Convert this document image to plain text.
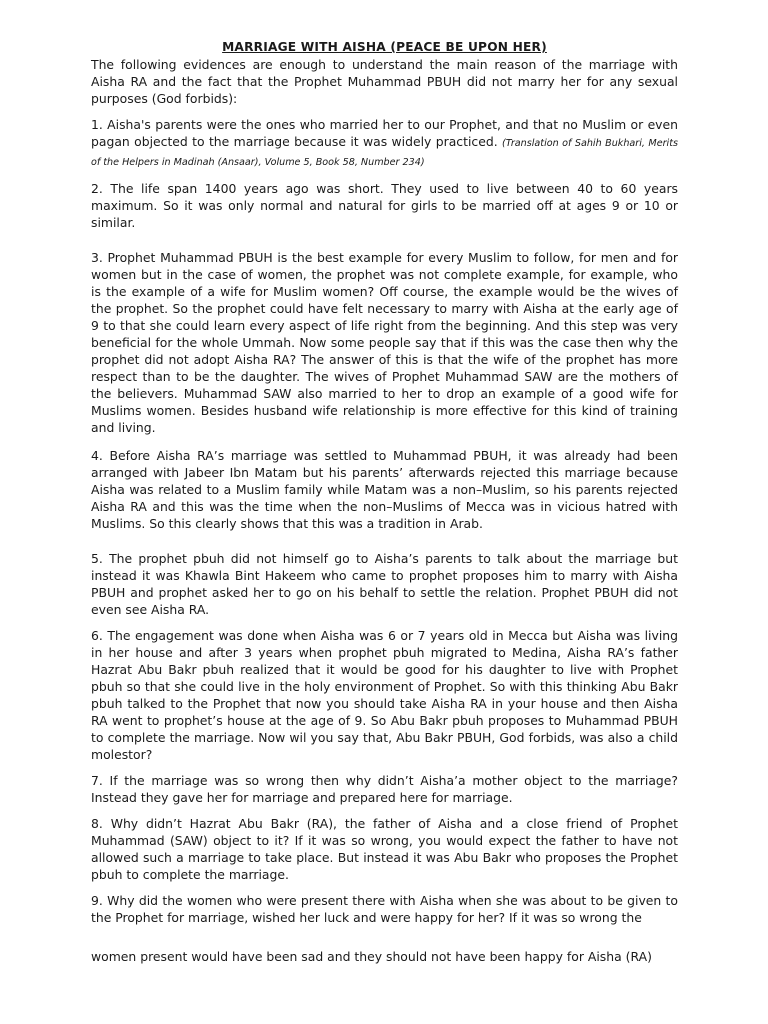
MARRIAGE WITH AISHA (PEACE BE UPON HER)

The following evidences are enough to understand the main reason of the marriage with Aisha RA and the fact that the Prophet Muhammad PBUH did not marry her for any sexual purposes (God forbids):

1. Aisha's parents were the ones who married her to our Prophet, and that no Muslim or even pagan objected to the marriage because it was widely practiced. (Translation of Sahih Bukhari, Merits of the Helpers in Madinah (Ansaar), Volume 5, Book 58, Number 234)

2. The life span 1400 years ago was short. They used to live between 40 to 60 years maximum. So it was only normal and natural for girls to be married off at ages 9 or 10 or similar.

3. Prophet Muhammad PBUH is the best example for every Muslim to follow, for men and for women but in the case of women, the prophet was not complete example, for example, who is the example of a wife for Muslim women? Off course, the example would be the wives of the prophet. So the prophet could have felt necessary to marry with Aisha at the early age of 9 to that she could learn every aspect of life right from the beginning. And this step was very beneficial for the whole Ummah. Now some people say that if this was the case then why the prophet did not adopt Aisha RA? The answer of this is that the wife of the prophet has more respect than to be the daughter. The wives of Prophet Muhammad SAW are the mothers of the believers. Muhammad SAW also married to her to drop an example of a good wife for Muslims women. Besides husband wife relationship is more effective for this kind of training and living.

4. Before Aisha RA’s marriage was settled to Muhammad PBUH, it was already had been arranged with Jabeer Ibn Matam but his parents’ afterwards rejected this marriage because Aisha was related to a Muslim family while Matam was a non–Muslim, so his parents rejected Aisha RA and this was the time when the non–Muslims of Mecca was in vicious hatred with Muslims. So this clearly shows that this was a tradition in Arab.

5. The prophet pbuh did not himself go to Aisha’s parents to talk about the marriage but instead it was Khawla Bint Hakeem who came to prophet proposes him to marry with Aisha PBUH and prophet asked her to go on his behalf to settle the relation. Prophet PBUH did not even see Aisha RA.

6. The engagement was done when Aisha was 6 or 7 years old in Mecca but Aisha was living in her house and after 3 years when prophet pbuh migrated to Medina, Aisha RA’s father Hazrat Abu Bakr pbuh realized that it would be good for his daughter to live with Prophet pbuh so that she could live in the holy environment of Prophet. So with this thinking Abu Bakr pbuh talked to the Prophet that now you should take Aisha RA in your house and then Aisha RA went to prophet’s house at the age of 9. So Abu Bakr pbuh proposes to Muhammad PBUH to complete the marriage. Now wil you say that, Abu Bakr PBUH, God forbids, was also a child molestor?

7. If the marriage was so wrong then why didn’t Aisha’a mother object to the marriage? Instead they gave her for marriage and prepared here for marriage.

8. Why didn’t Hazrat Abu Bakr (RA), the father of Aisha and a close friend of Prophet Muhammad (SAW) object to it? If it was so wrong, you would expect the father to have not allowed such a marriage to take place. But instead it was Abu Bakr who proposes the Prophet pbuh to complete the marriage.

9. Why did the women who were present there with Aisha when she was about to be given to the Prophet for marriage, wished her luck and were happy for her? If it was so wrong the

women present would have been sad and they should not have been happy for Aisha (RA)
